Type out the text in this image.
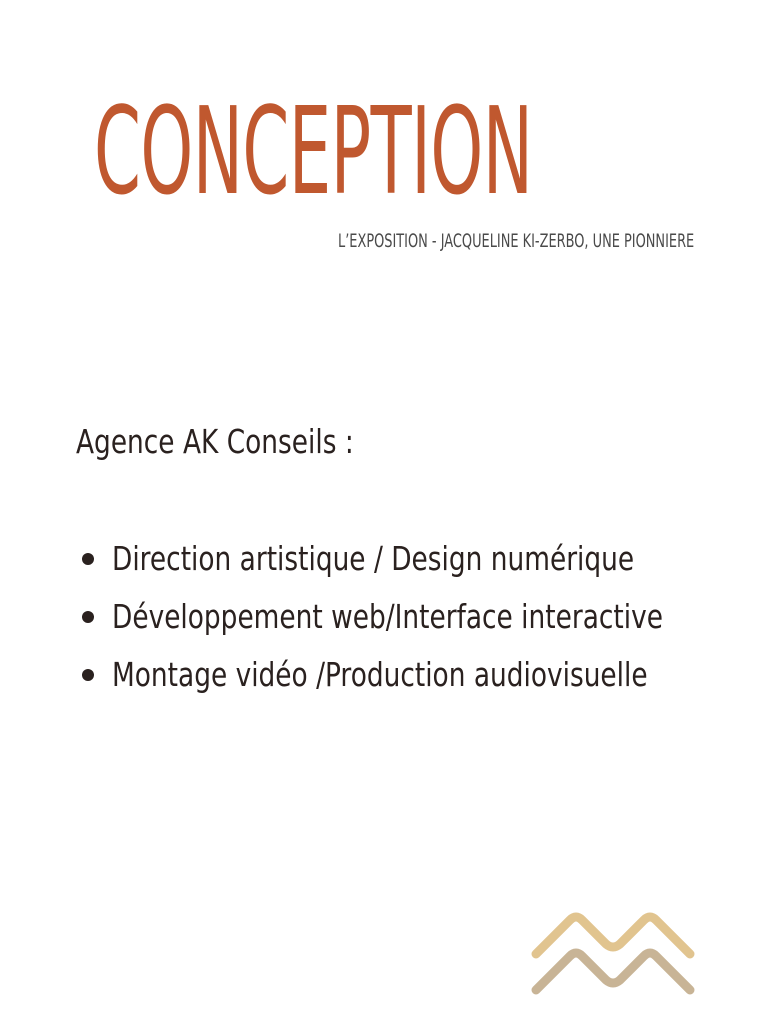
CONCEPTION

L’EXPOSITION - JACQUELINE KI-ZERBO, UNE PIONNIERE

Agence AK Conseils :

Direction artistique / Design numérique
Développement web/Interface interactive
Montage vidéo /Production audiovisuelle
